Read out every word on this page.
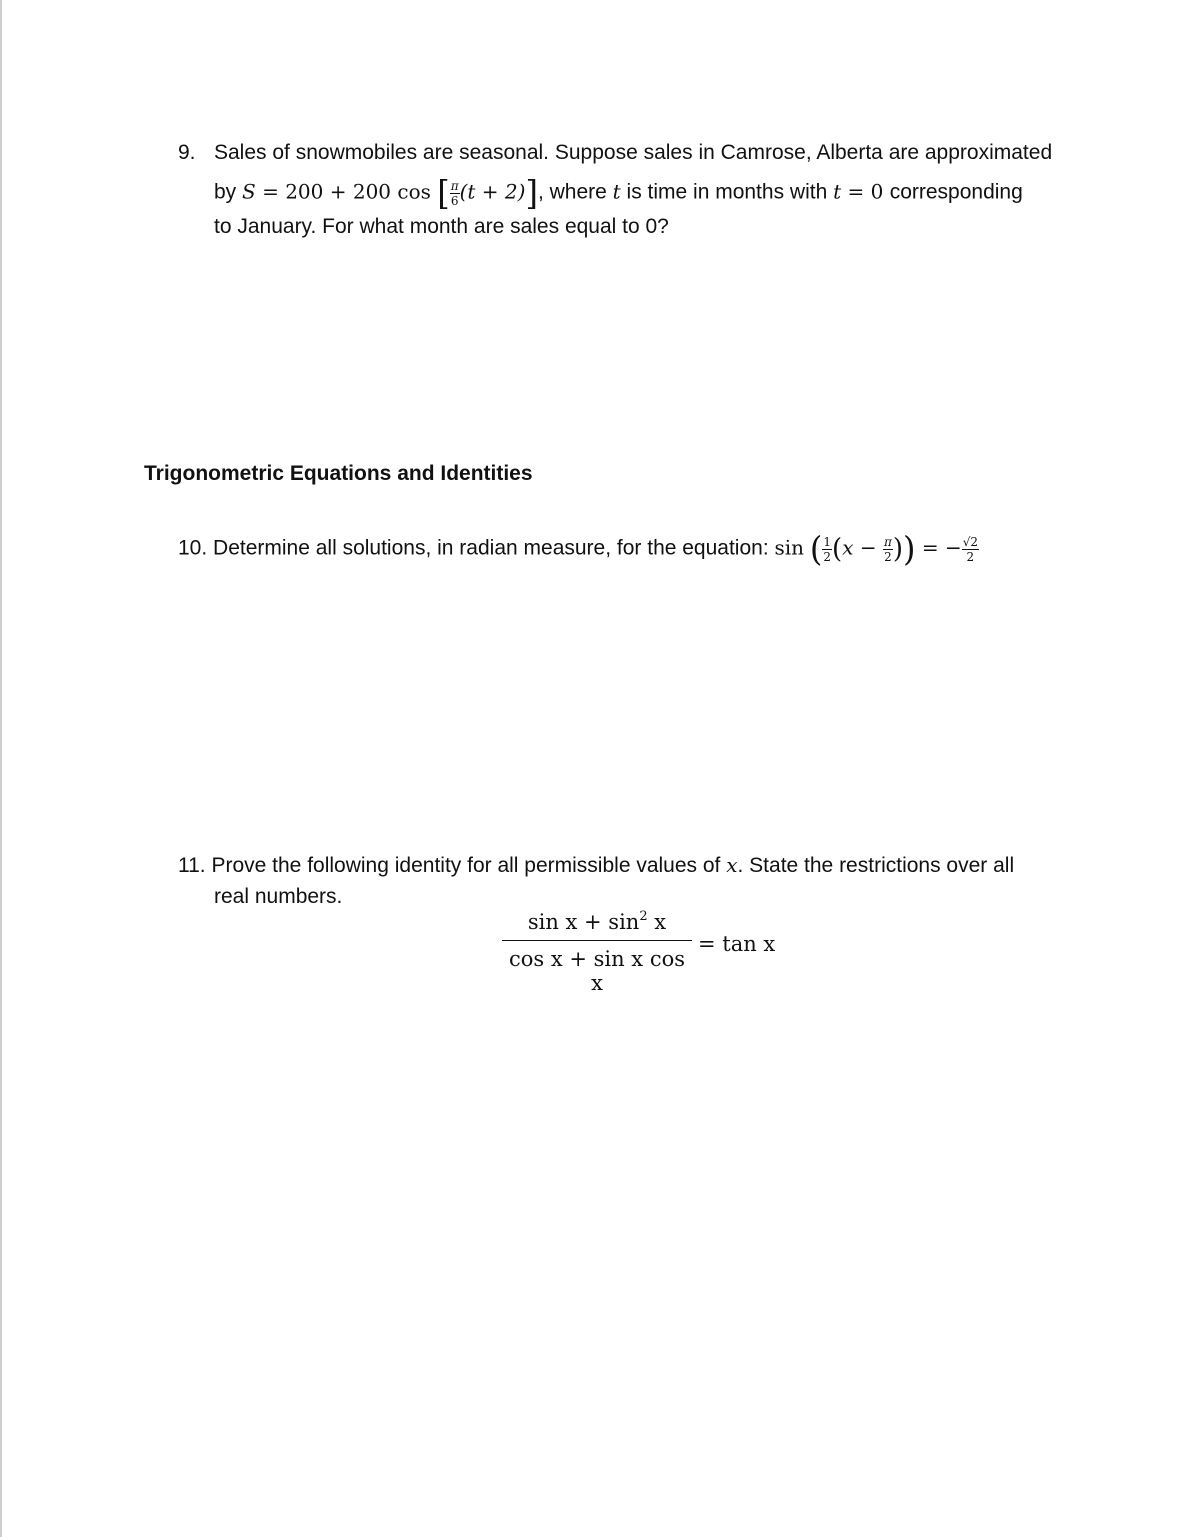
9. Sales of snowmobiles are seasonal. Suppose sales in Camrose, Alberta are approximated
by S = 200 + 200 cos [ $\frac{\pi}{6} (t + 2)$], where t is time in months with t = 0 corresponding
to January. For what month are sales equal to 0?
Trigonometric Equations and Identities
10. Determine all solutions, in radian measure, for the equation: sin ( $\frac{1}{2} (x - \frac{\pi}{2}$ )) = − $\frac{√2}{2}$
11. Prove the following identity for all permissible values of x. State the restrictions over all
real numbers.
$\frac{\sin x + \sin^2 x}{\text{cos x + sin x cos x}} = \tan x$
